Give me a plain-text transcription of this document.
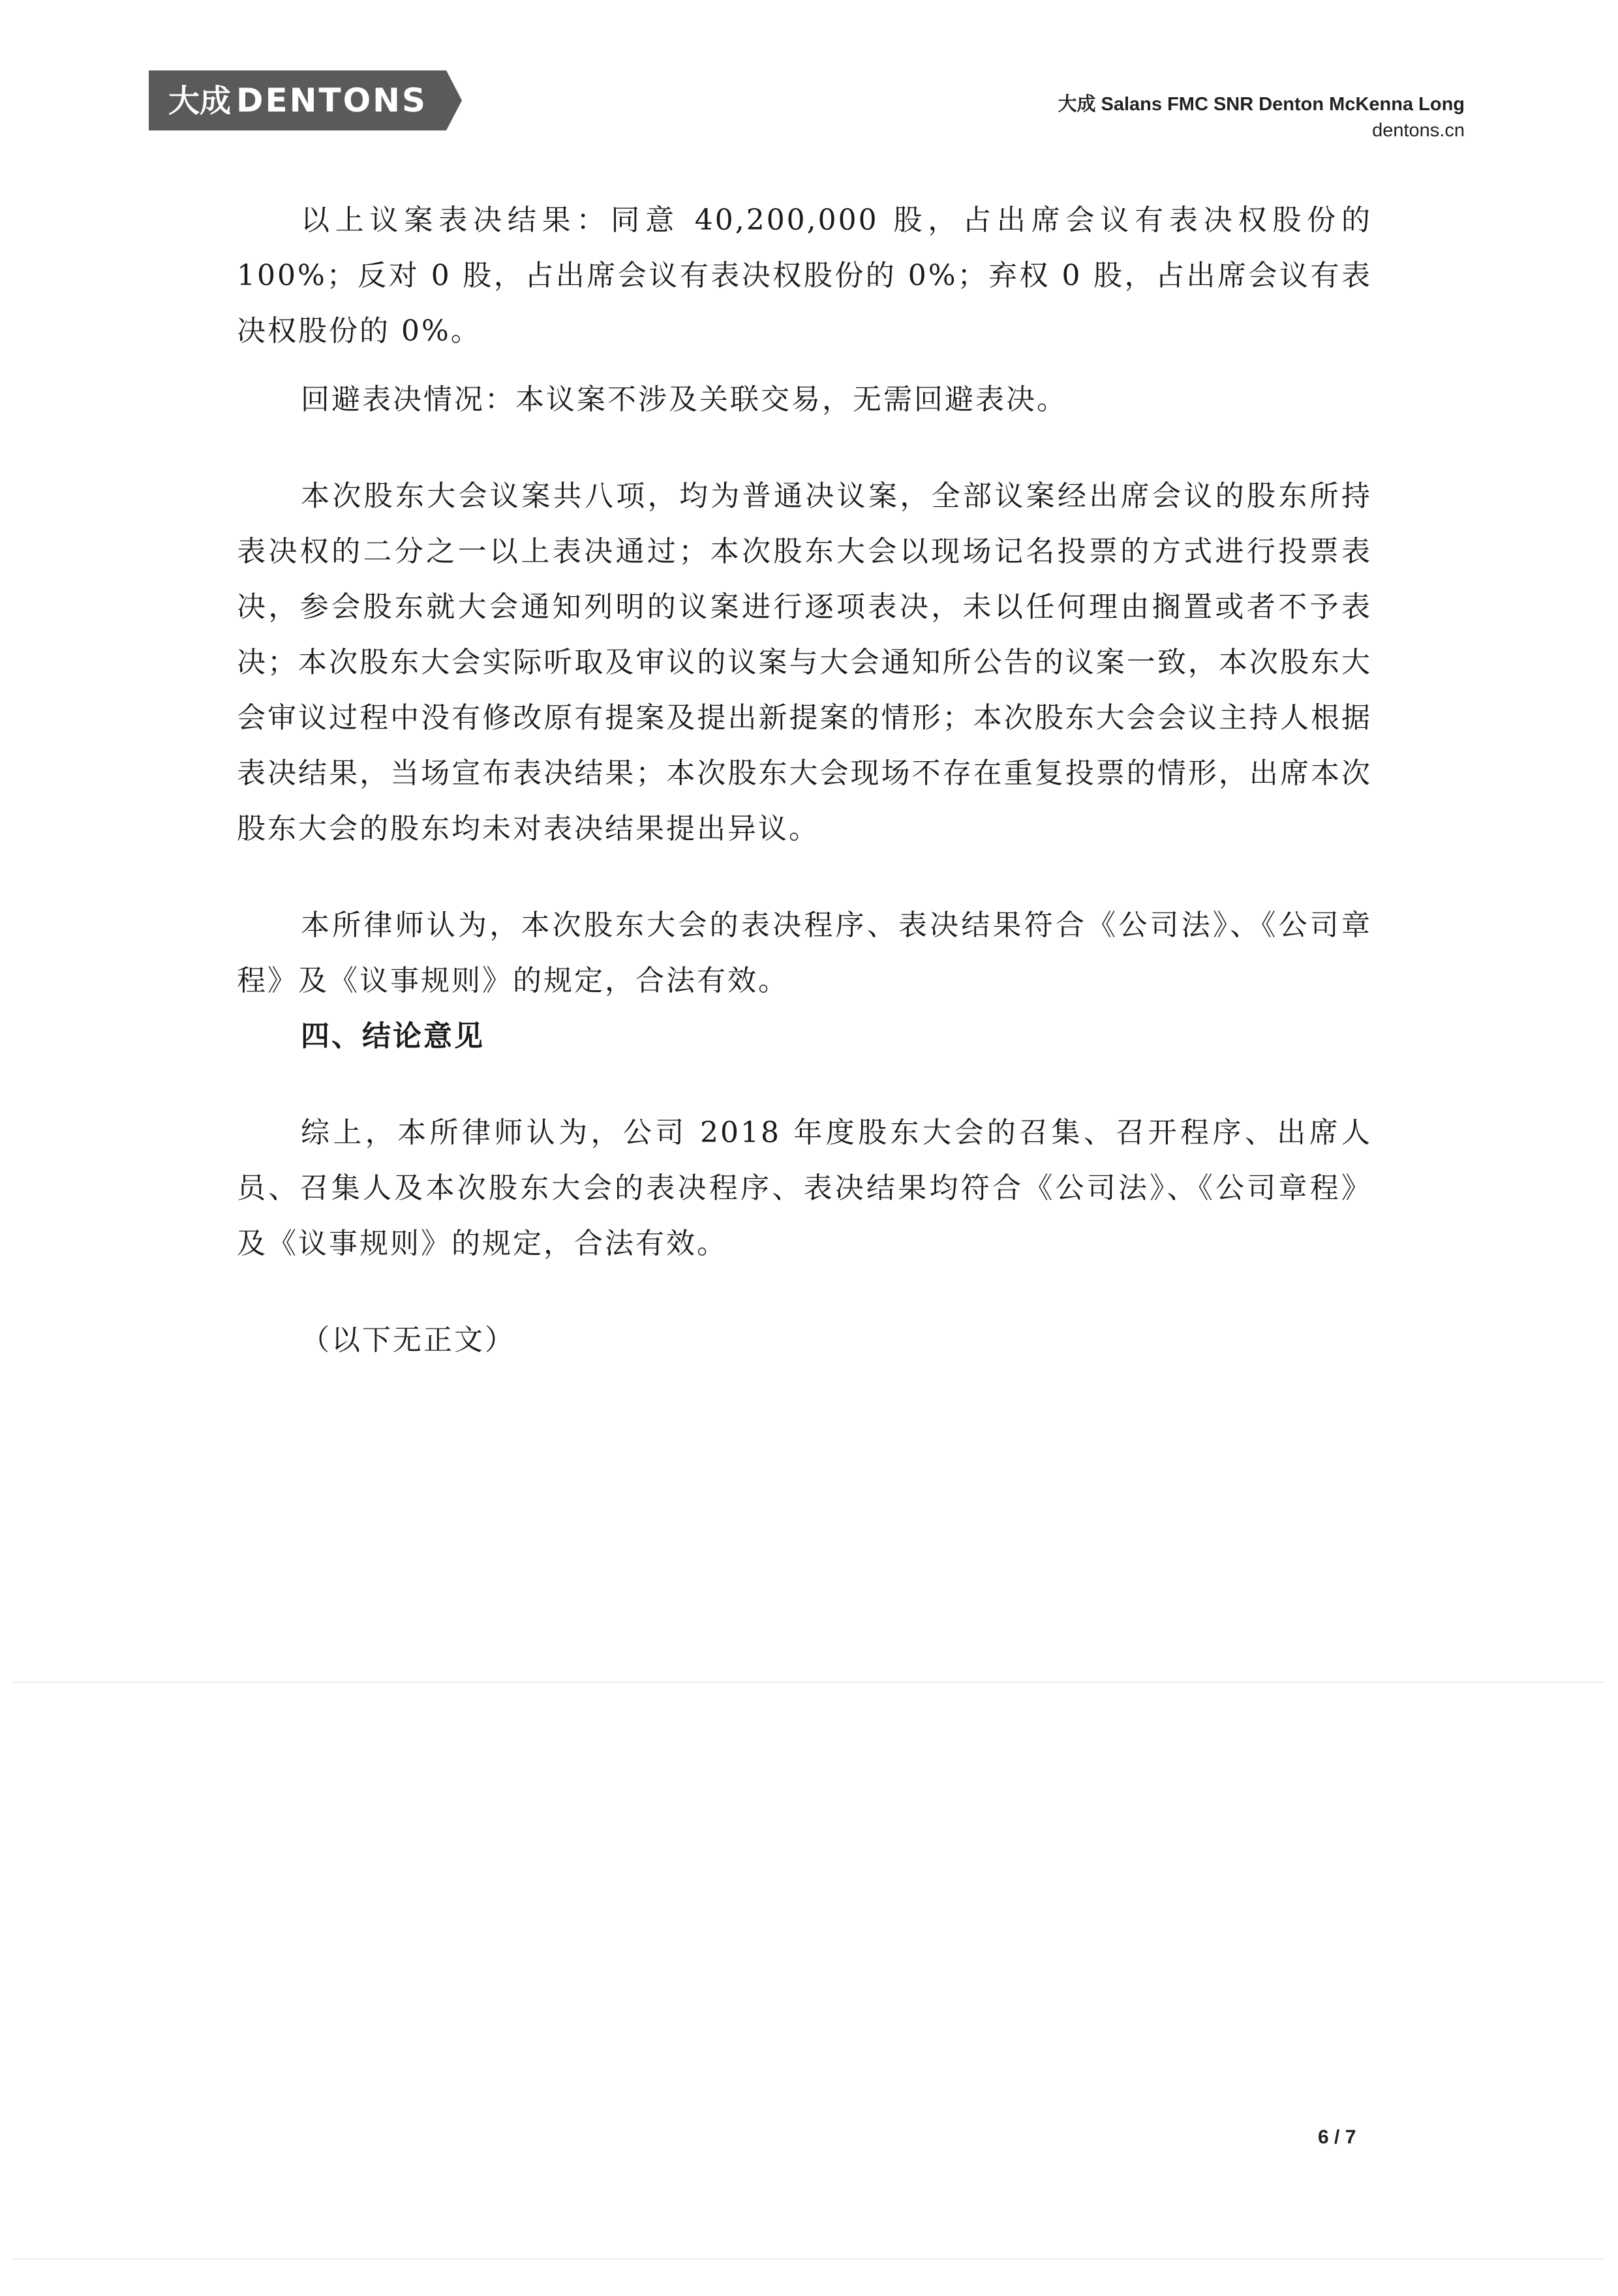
大成 DENTONS	大成 Salans FMC SNR Denton McKenna Long
dentons.cn

以上议案表决结果：同意 40,200,000 股，占出席会议有表决权股份的 100%；反对 0 股，占出席会议有表决权股份的 0%；弃权 0 股，占出席会议有表决权股份的 0%。

回避表决情况：本议案不涉及关联交易，无需回避表决。

本次股东大会议案共八项，均为普通决议案，全部议案经出席会议的股东所持表决权的二分之一以上表决通过；本次股东大会以现场记名投票的方式进行投票表决，参会股东就大会通知列明的议案进行逐项表决，未以任何理由搁置或者不予表决；本次股东大会实际听取及审议的议案与大会通知所公告的议案一致，本次股东大会审议过程中没有修改原有提案及提出新提案的情形；本次股东大会会议主持人根据表决结果，当场宣布表决结果；本次股东大会现场不存在重复投票的情形，出席本次股东大会的股东均未对表决结果提出异议。

本所律师认为，本次股东大会的表决程序、表决结果符合《公司法》、《公司章程》及《议事规则》的规定，合法有效。

四、结论意见

综上，本所律师认为，公司 2018 年度股东大会的召集、召开程序、出席人员、召集人及本次股东大会的表决程序、表决结果均符合《公司法》、《公司章程》及《议事规则》的规定，合法有效。

（以下无正文）

6 / 7
